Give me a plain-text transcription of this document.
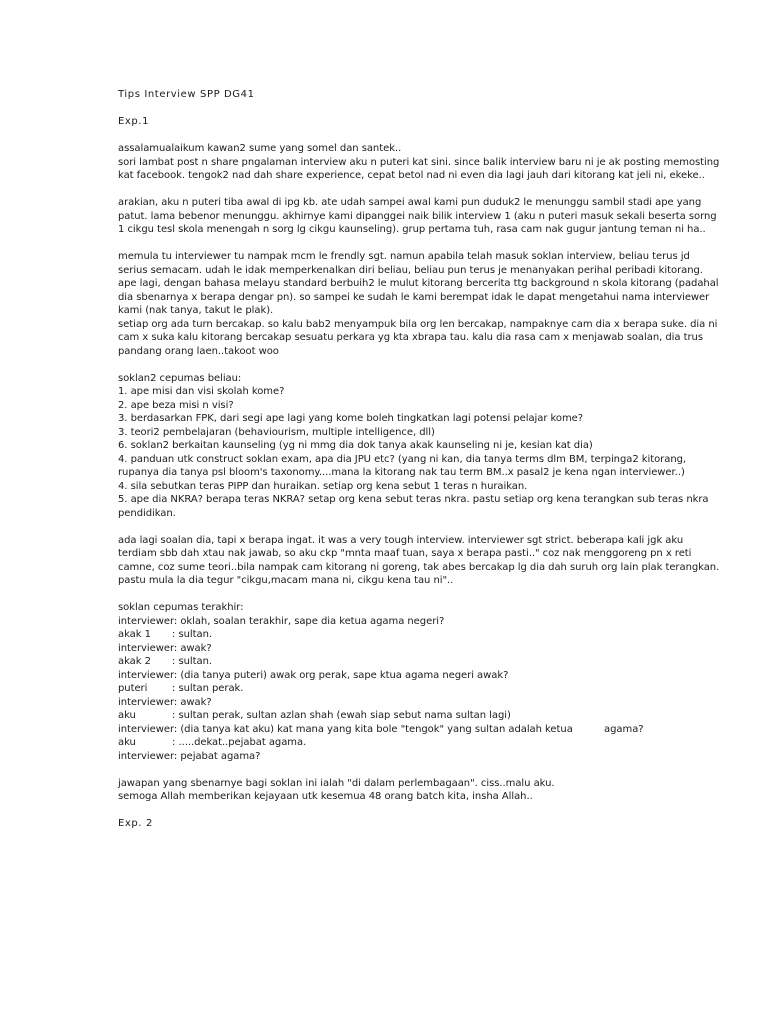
Tips Interview SPP DG41
Exp.1
assalamualaikum kawan2 sume yang somel dan santek..
sori lambat post n share pngalaman interview aku n puteri kat sini. since balik interview baru ni je ak posting memosting
kat facebook. tengok2 nad dah share experience, cepat betol nad ni even dia lagi jauh dari kitorang kat jeli ni, ekeke..
arakian, aku n puteri tiba awal di ipg kb. ate udah sampei awal kami pun duduk2 le menunggu sambil stadi ape yang
patut. lama bebenor menunggu. akhirnye kami dipanggei naik bilik interview 1 (aku n puteri masuk sekali beserta sorng
1 cikgu tesl skola menengah n sorg lg cikgu kaunseling). grup pertama tuh, rasa cam nak gugur jantung teman ni ha..
memula tu interviewer tu nampak mcm le frendly sgt. namun apabila telah masuk soklan interview, beliau terus jd
serius semacam. udah le idak memperkenalkan diri beliau, beliau pun terus je menanyakan perihal peribadi kitorang.
ape lagi, dengan bahasa melayu standard berbuih2 le mulut kitorang bercerita ttg background n skola kitorang (padahal
dia sbenarnya x berapa dengar pn). so sampei ke sudah le kami berempat idak le dapat mengetahui nama interviewer
kami (nak tanya, takut le plak).
setiap org ada turn bercakap. so kalu bab2 menyampuk bila org len bercakap, nampaknye cam dia x berapa suke. dia ni
cam x suka kalu kitorang bercakap sesuatu perkara yg kta xbrapa tau. kalu dia rasa cam x menjawab soalan, dia trus
pandang orang laen..takoot woo
soklan2 cepumas beliau:
1. ape misi dan visi skolah kome?
2. ape beza misi n visi?
3. berdasarkan FPK, dari segi ape lagi yang kome boleh tingkatkan lagi potensi pelajar kome?
3. teori2 pembelajaran (behaviourism, multiple intelligence, dll)
6. soklan2 berkaitan kaunseling (yg ni mmg dia dok tanya akak kaunseling ni je, kesian kat dia)
4. panduan utk construct soklan exam, apa dia JPU etc? (yang ni kan, dia tanya terms dlm BM, terpinga2 kitorang,
rupanya dia tanya psl bloom's taxonomy....mana la kitorang nak tau term BM..x pasal2 je kena ngan interviewer..)
4. sila sebutkan teras PIPP dan huraikan. setiap org kena sebut 1 teras n huraikan.
5. ape dia NKRA? berapa teras NKRA? setap org kena sebut teras nkra. pastu setiap org kena terangkan sub teras nkra
pendidikan.
ada lagi soalan dia, tapi x berapa ingat. it was a very tough interview. interviewer sgt strict. beberapa kali jgk aku
terdiam sbb dah xtau nak jawab, so aku ckp "mnta maaf tuan, saya x berapa pasti.." coz nak menggoreng pn x reti
camne, coz sume teori..bila nampak cam kitorang ni goreng, tak abes bercakap lg dia dah suruh org lain plak terangkan.
pastu mula la dia tegur "cikgu,macam mana ni, cikgu kena tau ni"..
soklan cepumas terakhir:
interviewer: oklah, soalan terakhir, sape dia ketua agama negeri?
akak 1 : sultan.
interviewer: awak?
akak 2 : sultan.
interviewer: (dia tanya puteri) awak org perak, sape ktua agama negeri awak?
puteri : sultan perak.
interviewer: awak?
aku	: sultan perak, sultan azlan shah (ewah siap sebut nama sultan lagi)
interviewer: (dia tanya kat aku) kat mana yang kita bole "tengok" yang sultan adalah ketua          agama?
aku	: .....dekat..pejabat agama.
interviewer: pejabat agama?
jawapan yang sbenarnye bagi soklan ini ialah "di dalam perlembagaan". ciss..malu aku.
semoga Allah memberikan kejayaan utk kesemua 48 orang batch kita, insha Allah..
Exp. 2
